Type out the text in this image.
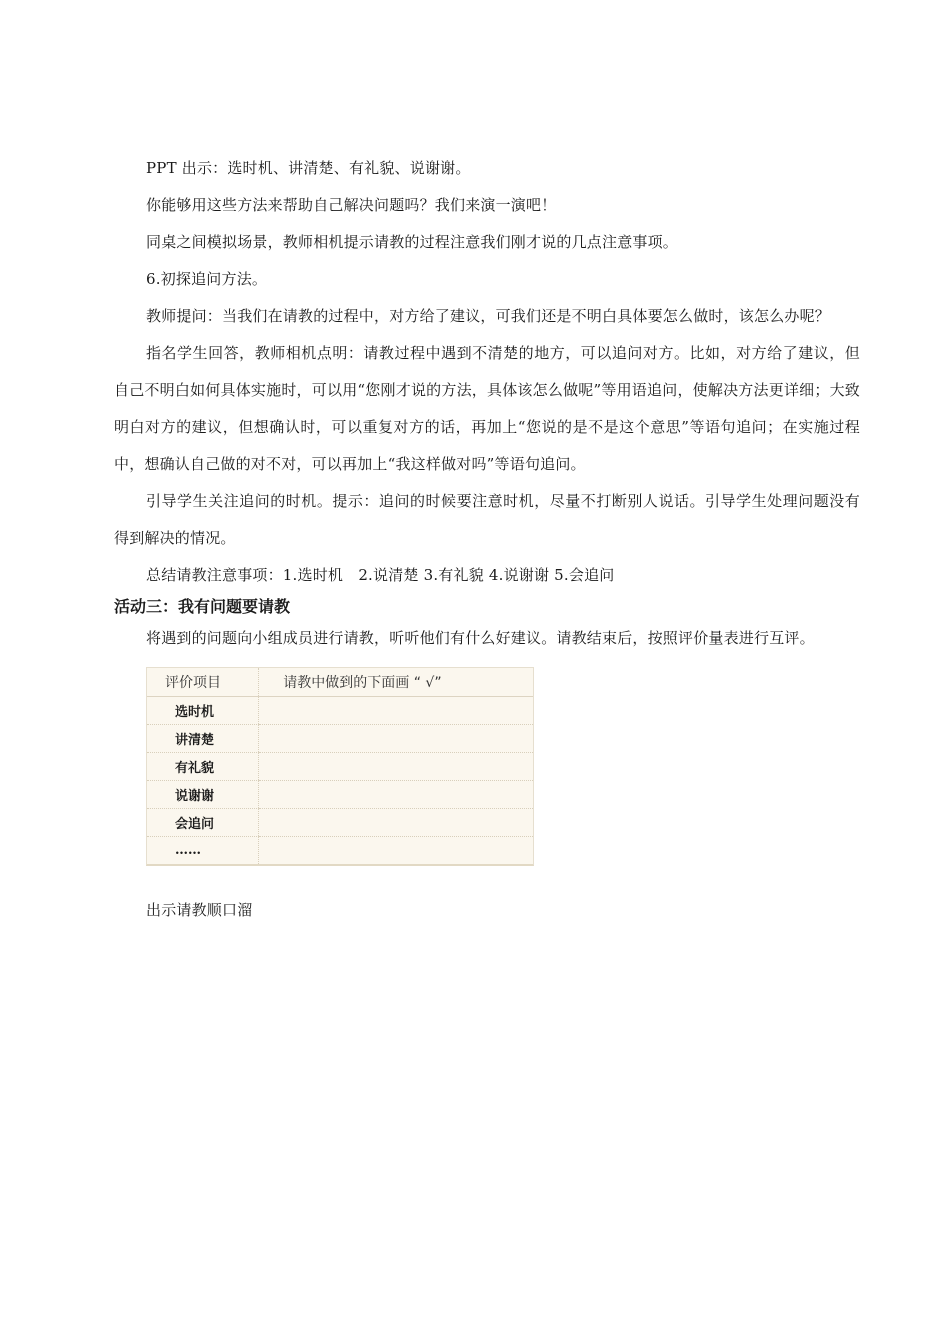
PPT 出示：选时机、讲清楚、有礼貌、说谢谢。

你能够用这些方法来帮助自己解决问题吗？我们来演一演吧！

同桌之间模拟场景，教师相机提示请教的过程注意我们刚才说的几点注意事项。

6.初探追问方法。

教师提问：当我们在请教的过程中，对方给了建议，可我们还是不明白具体要怎么做时，该怎么办呢？

指名学生回答，教师相机点明：请教过程中遇到不清楚的地方，可以追问对方。比如，对方给了建议，但自己不明白如何具体实施时，可以用“您刚才说的方法，具体该怎么做呢”等用语追问，使解决方法更详细；大致明白对方的建议，但想确认时，可以重复对方的话，再加上“您说的是不是这个意思”等语句追问；在实施过程中，想确认自己做的对不对，可以再加上“我这样做对吗”等语句追问。

引导学生关注追问的时机。提示：追问的时候要注意时机，尽量不打断别人说话。引导学生处理问题没有得到解决的情况。

总结请教注意事项：1.选时机　2.说清楚 3.有礼貌 4.说谢谢 5.会追问

活动三：我有问题要请教

将遇到的问题向小组成员进行请教，听听他们有什么好建议。请教结束后，按照评价量表进行互评。

评价项目	请教中做到的下面画 “ √”
选时机	
讲清楚	
有礼貌	
说谢谢	
会追问	
……	

出示请教顺口溜
